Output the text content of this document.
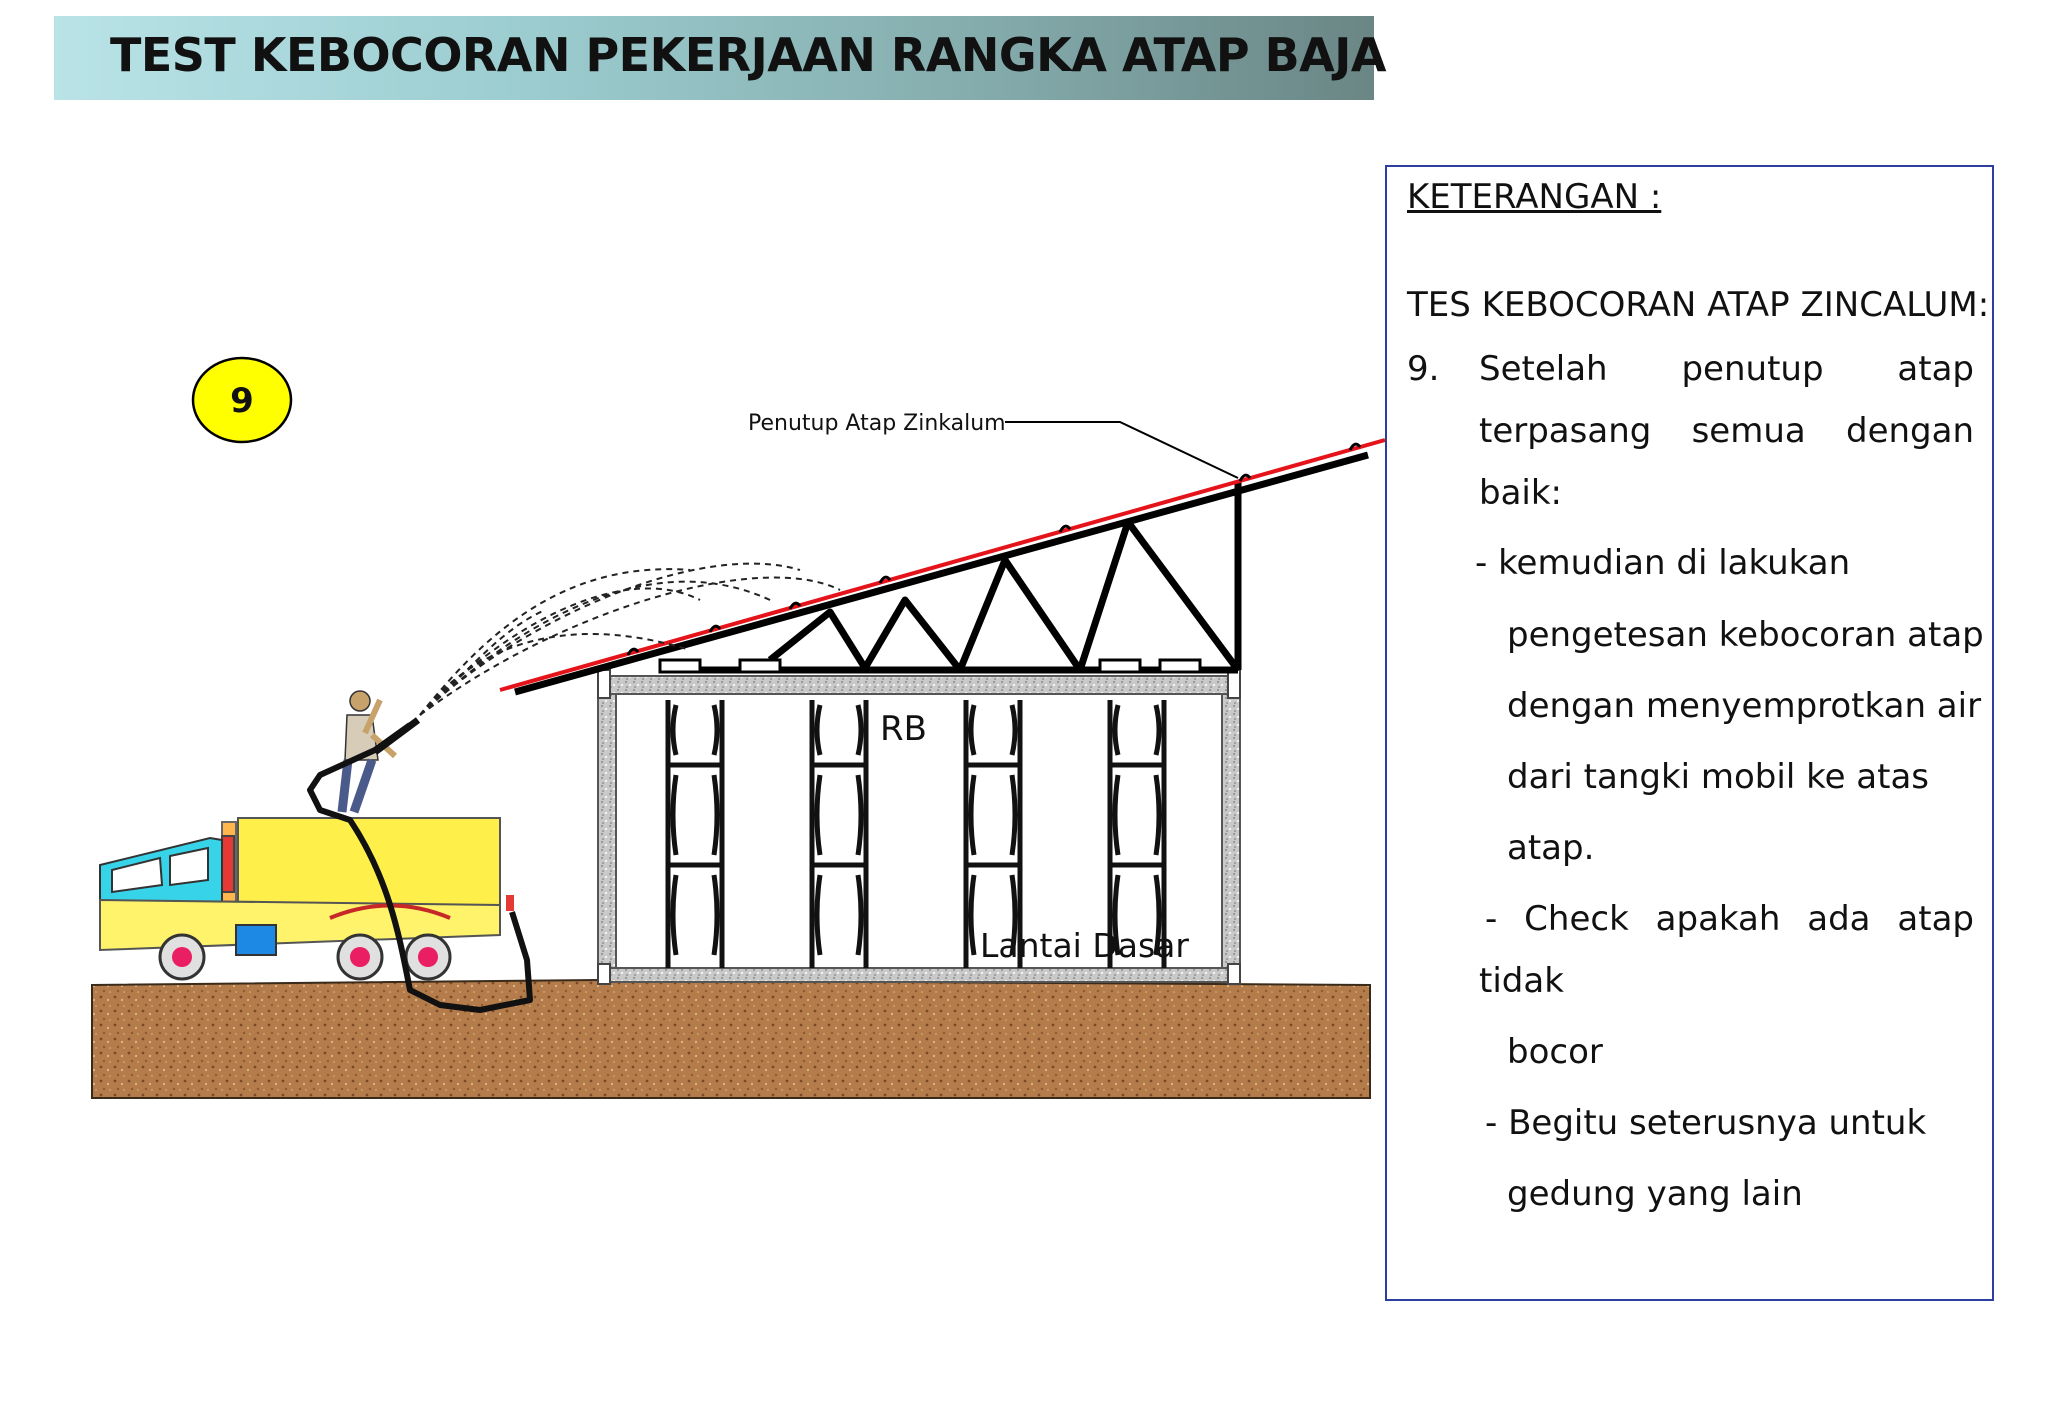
TEST KEBOCORAN PEKERJAAN RANGKA ATAP BAJA
Penutup Atap Zinkalum
9
RB
Lantai Dasar
KETERANGAN :
TES KEBOCORAN ATAP ZINCALUM:
9. Setelah penutup atap
terpasang semua dengan
baik:
- kemudian di lakukan
pengetesan kebocoran atap
dengan menyemprotkan air
dari tangki mobil ke atas
atap.
- Check apakah ada atap
tidak
bocor
- Begitu seterusnya untuk
gedung yang lain
